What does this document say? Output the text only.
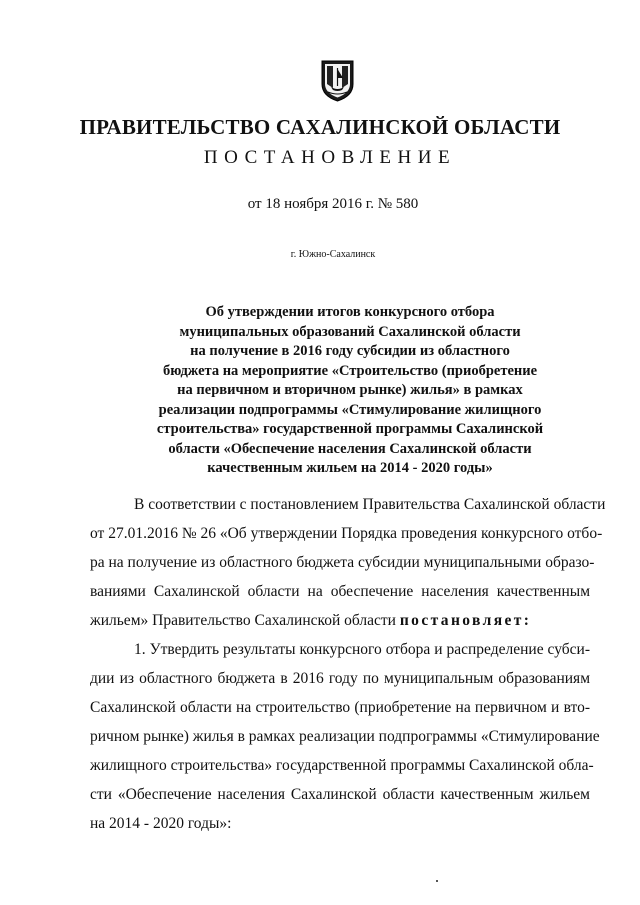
ПРАВИТЕЛЬСТВО САХАЛИНСКОЙ ОБЛАСТИ
ПОСТАНОВЛЕНИЕ
от 18 ноября 2016 г. № 580
г. Южно-Сахалинск
Об утверждении итогов конкурсного отбора
муниципальных образований Сахалинской области
на получение в 2016 году субсидии из областного
бюджета на мероприятие «Строительство (приобретение
на первичном и вторичном рынке) жилья» в рамках
реализации подпрограммы «Стимулирование жилищного
строительства» государственной программы Сахалинской
области «Обеспечение населения Сахалинской области
качественным жильем на 2014 - 2020 годы»
В соответствии с постановлением Правительства Сахалинской области
от 27.01.2016 № 26 «Об утверждении Порядка проведения конкурсного отбо-
ра на получение из областного бюджета субсидии муниципальными образо-
ваниями Сахалинской области на обеспечение населения качественным
жильем» Правительство Сахалинской области постановляет:
1. Утвердить результаты конкурсного отбора и распределение субси-
дии из областного бюджета в 2016 году по муниципальным образованиям
Сахалинской области на строительство (приобретение на первичном и вто-
ричном рынке) жилья в рамках реализации подпрограммы «Стимулирование
жилищного строительства» государственной программы Сахалинской обла-
сти «Обеспечение населения Сахалинской области качественным жильем
на 2014 - 2020 годы»:
